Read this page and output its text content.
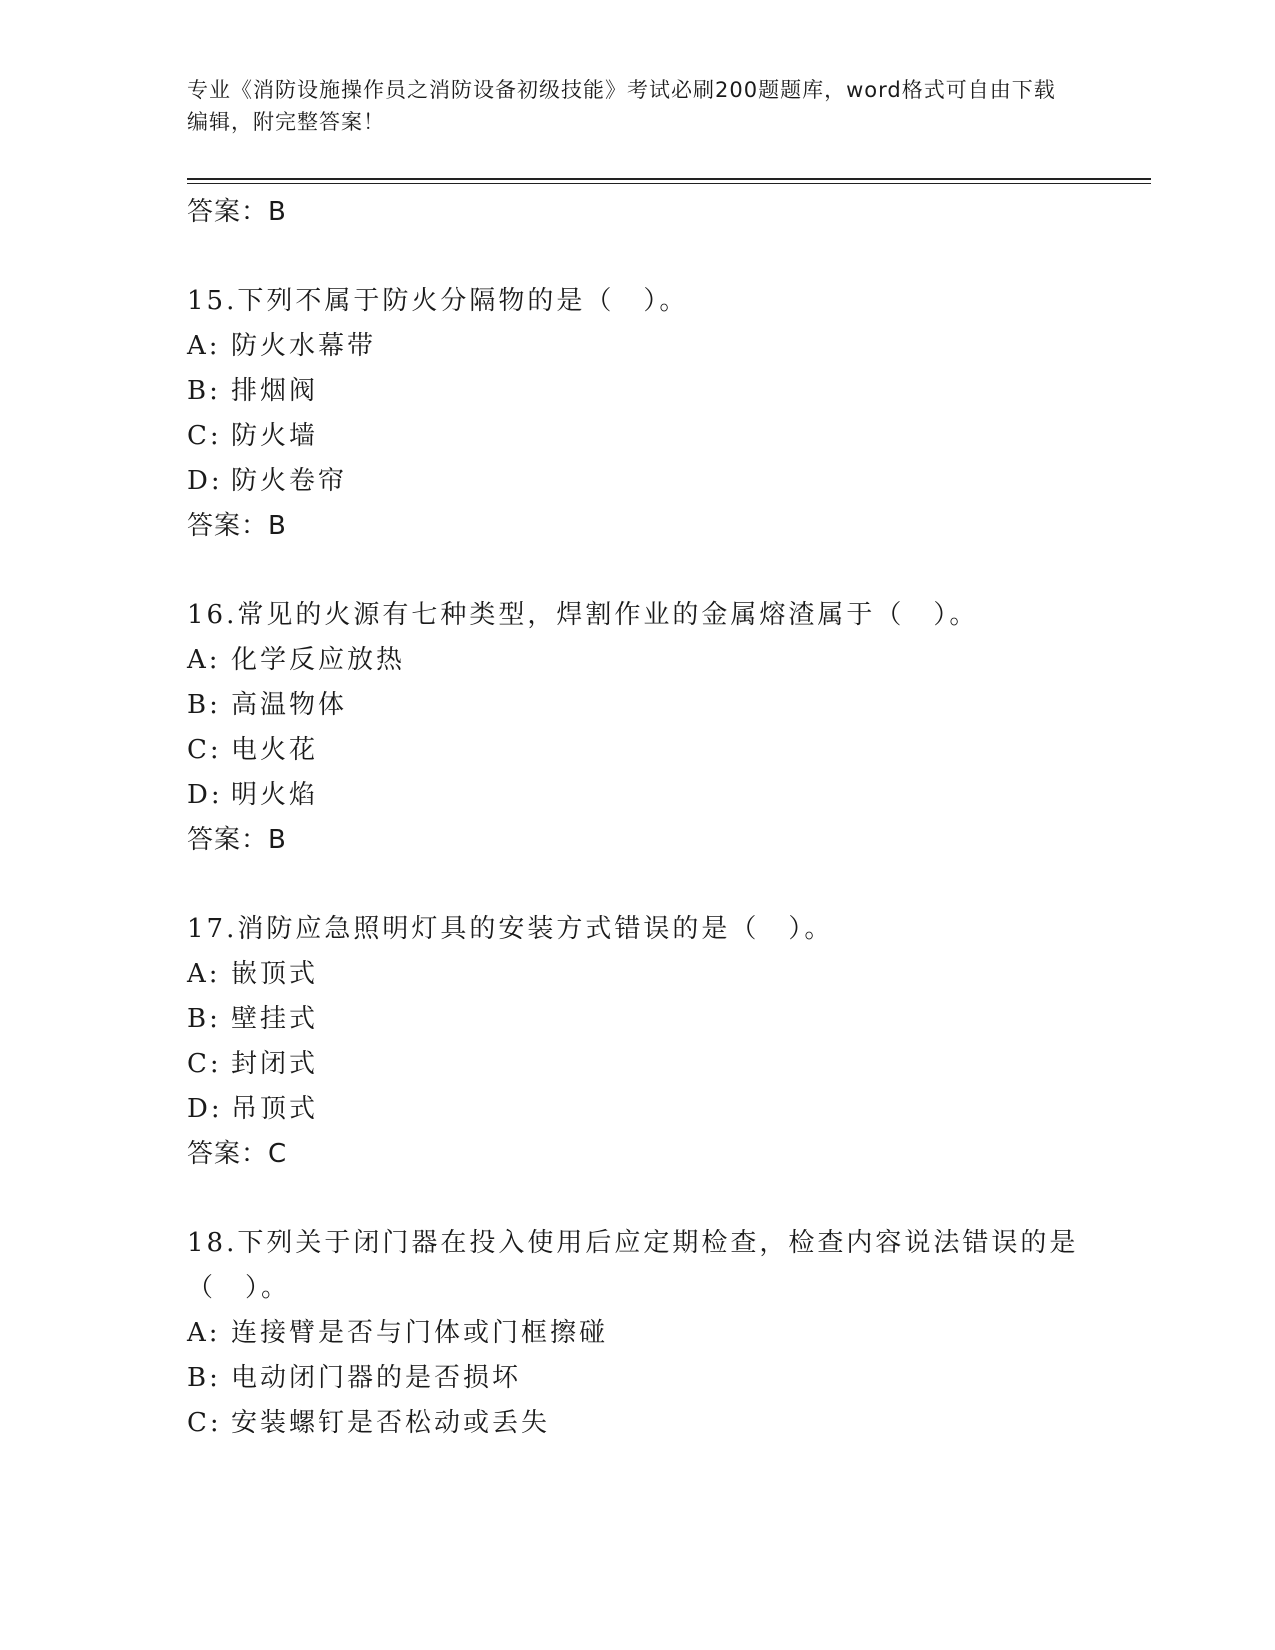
专业《消防设施操作员之消防设备初级技能》考试必刷200题题库，word格式可自由下载编辑，附完整答案！
答案：B
15.下列不属于防火分隔物的是（　）。
A: 防火水幕带
B: 排烟阀
C: 防火墙
D: 防火卷帘
答案：B
16.常见的火源有七种类型，焊割作业的金属熔渣属于（　）。
A: 化学反应放热
B: 高温物体
C: 电火花
D: 明火焰
答案：B
17.消防应急照明灯具的安装方式错误的是（　）。
A: 嵌顶式
B: 壁挂式
C: 封闭式
D: 吊顶式
答案：C
18.下列关于闭门器在投入使用后应定期检查，检查内容说法错误的是（　）。
A: 连接臂是否与门体或门框擦碰
B: 电动闭门器的是否损坏
C: 安装螺钉是否松动或丢失
